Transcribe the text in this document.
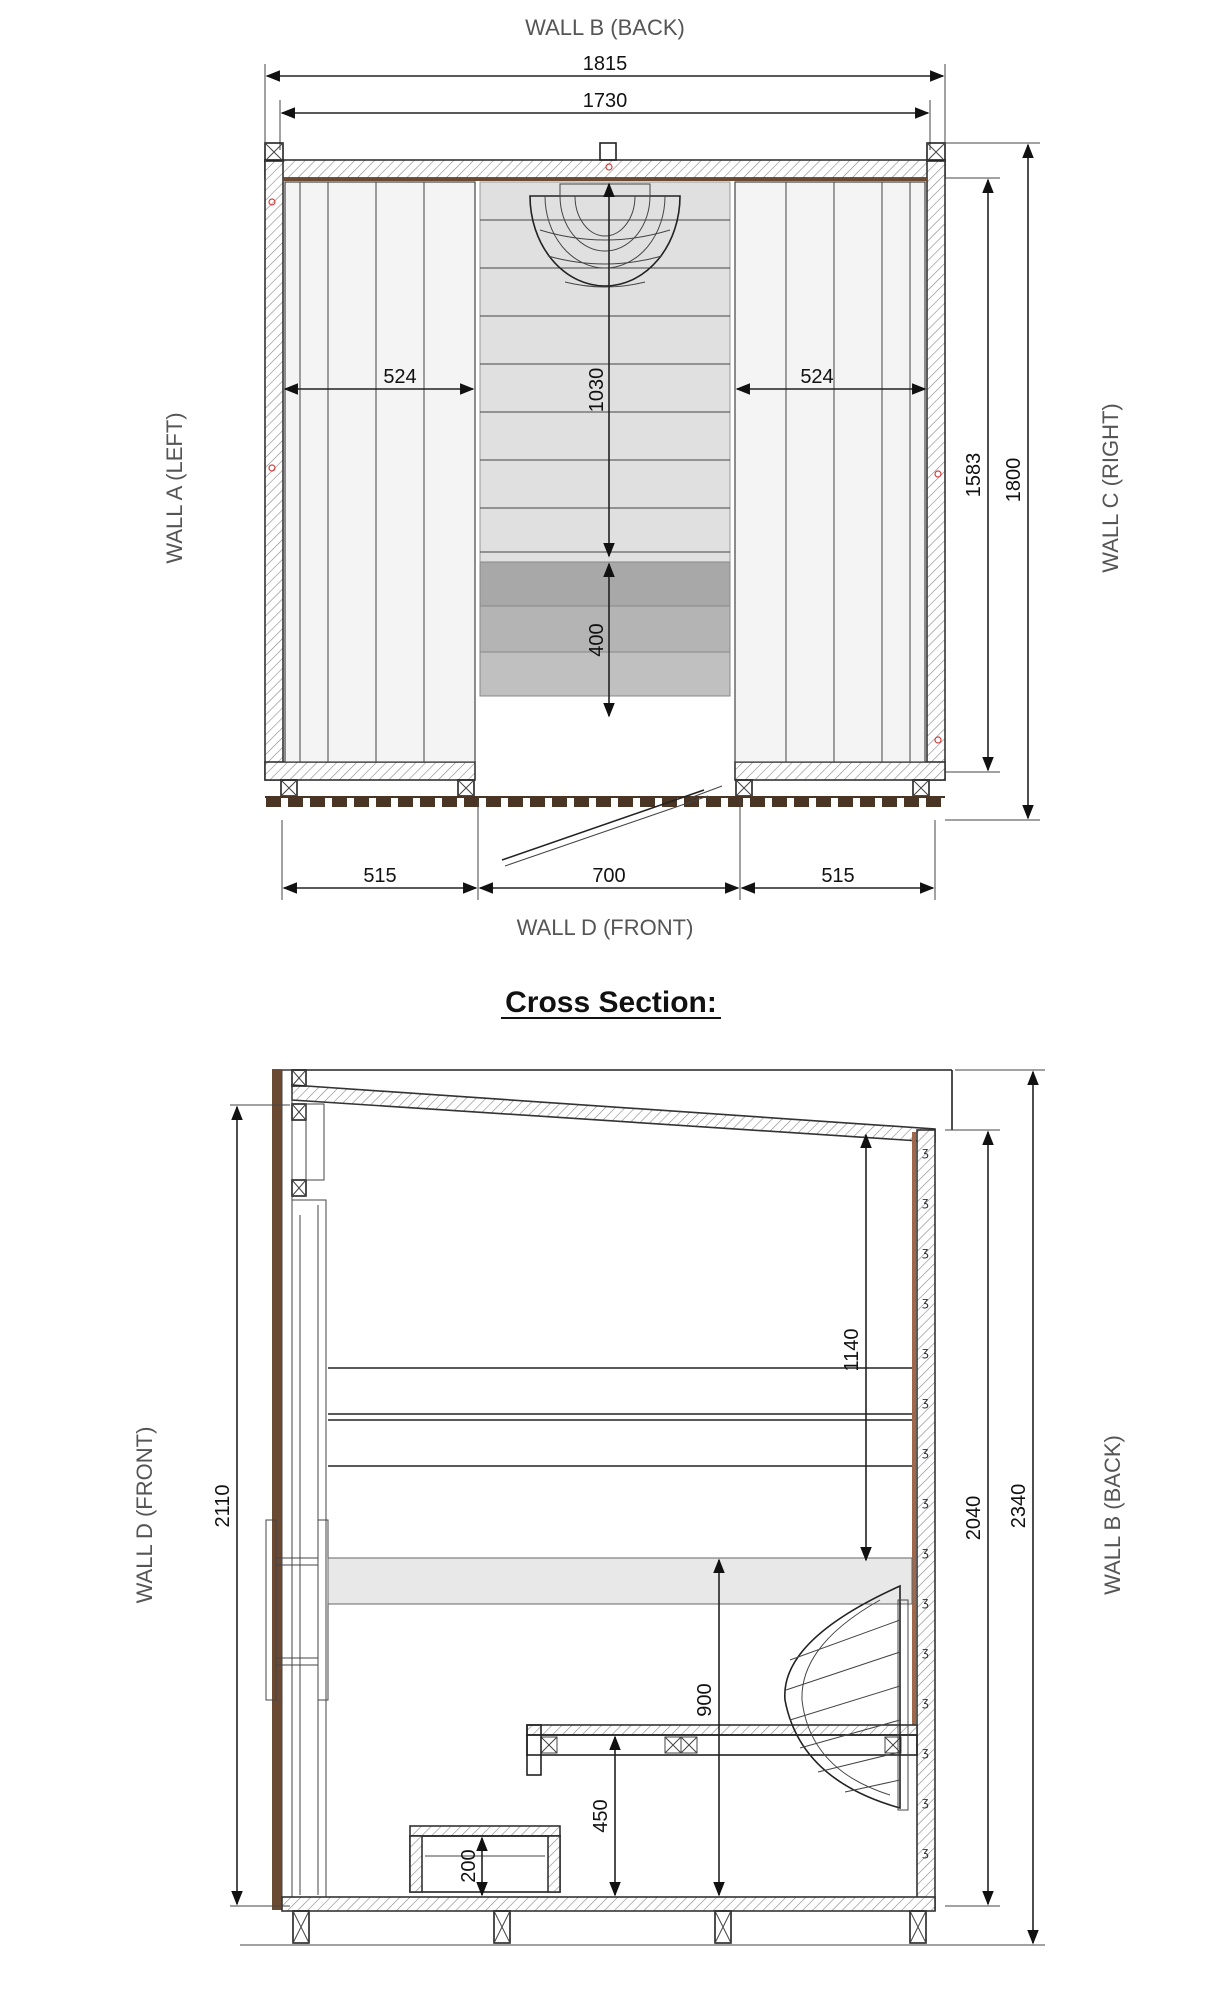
WALL B (BACK)
WALL D (FRONT)
WALL A (LEFT)	WALL C (RIGHT)
1815
1730
524	524
1030
400
1583 1800
515	700	515
Cross Section:
WALL D (FRONT)	WALL B (BACK)
ʒ
ʒ
ʒ
ʒ
ʒ
ʒ
ʒ
ʒ
ʒ
ʒ
ʒ
ʒ
ʒ
ʒ
ʒ
2110
1140
900
450
200
2040 2340
